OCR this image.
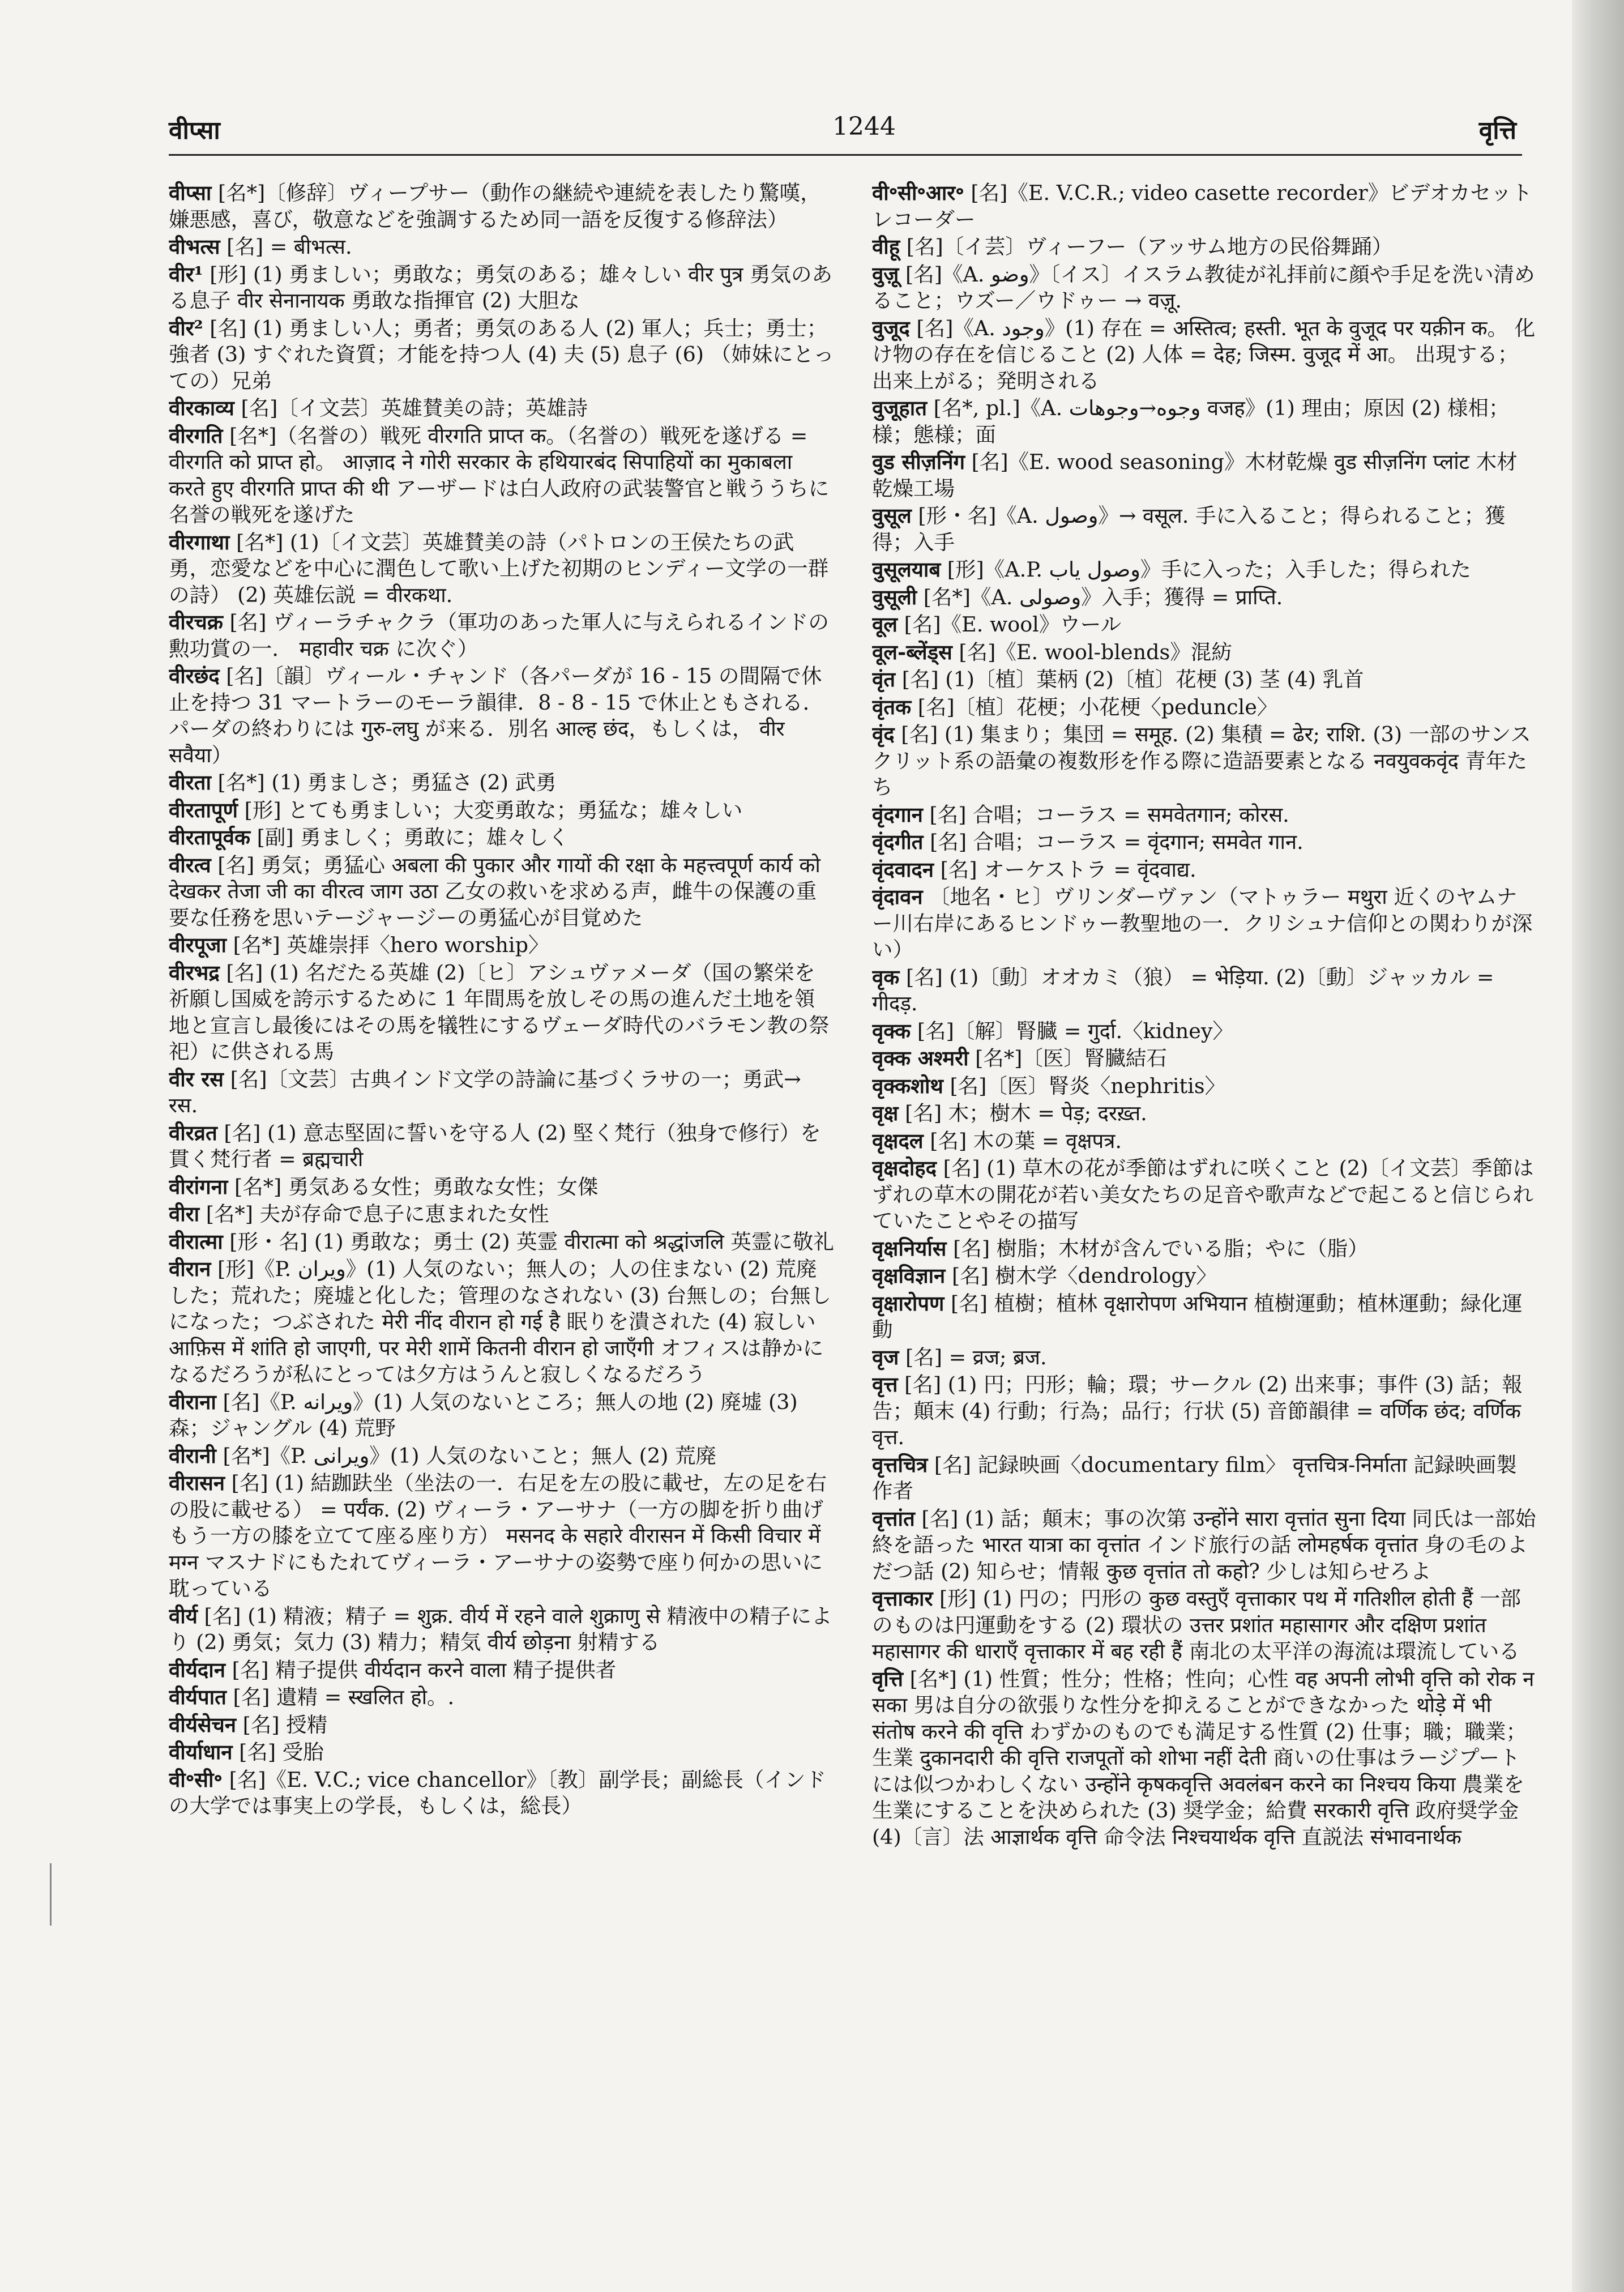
वीप्सा	1244	वृत्ति
वीप्सा [名*]〔修辞〕ヴィープサー（動作の継続や連続を表したり驚嘆，嫌悪感，喜び，敬意などを強調するため同一語を反復する修辞法）
वीभत्स [名] = बीभत्स.
वीर¹ [形] (1) 勇ましい；勇敢な；勇気のある；雄々しい वीर पुत्र 勇気のある息子 वीर सेनानायक 勇敢な指揮官 (2) 大胆な
वीर² [名] (1) 勇ましい人；勇者；勇気のある人 (2) 軍人；兵士；勇士；強者 (3) すぐれた資質；才能を持つ人 (4) 夫 (5) 息子 (6) （姉妹にとっての）兄弟
वीरकाव्य [名]〔イ文芸〕英雄賛美の詩；英雄詩
वीरगति [名*]（名誉の）戦死 वीरगति प्राप्त क。（名誉の）戦死を遂げる = वीरगति को प्राप्त हो。 आज़ाद ने गोरी सरकार के हथियारबंद सिपाहियों का मुकाबला करते हुए वीरगति प्राप्त की थी アーザードは白人政府の武装警官と戦ううちに名誉の戦死を遂げた
वीरगाथा [名*] (1)〔イ文芸〕英雄賛美の詩（パトロンの王侯たちの武勇，恋愛などを中心に潤色して歌い上げた初期のヒンディー文学の一群の詩） (2) 英雄伝説 = वीरकथा.
वीरचक्र [名] ヴィーラチャクラ（軍功のあった軍人に与えられるインドの勲功賞の一． महावीर चक्र に次ぐ）
वीरछंद [名]〔韻〕ヴィール・チャンド（各パーダが 16 - 15 の間隔で休止を持つ 31 マートラーのモーラ韻律．8 - 8 - 15 で休止ともされる．パーダの終わりには गुरु-लघु が来る．別名 आल्ह छंद，もしくは， वीर सवैया）
वीरता [名*] (1) 勇ましさ；勇猛さ (2) 武勇
वीरतापूर्ण [形] とても勇ましい；大変勇敢な；勇猛な；雄々しい
वीरतापूर्वक [副] 勇ましく；勇敢に；雄々しく
वीरत्व [名] 勇気；勇猛心 अबला की पुकार और गायों की रक्षा के महत्त्वपूर्ण कार्य को देखकर तेजा जी का वीरत्व जाग उठा 乙女の救いを求める声，雌牛の保護の重要な任務を思いテージャージーの勇猛心が目覚めた
वीरपूजा [名*] 英雄崇拝〈hero worship〉
वीरभद्र [名] (1) 名だたる英雄 (2)〔ヒ〕アシュヴァメーダ（国の繁栄を祈願し国威を誇示するために 1 年間馬を放しその馬の進んだ土地を領地と宣言し最後にはその馬を犠牲にするヴェーダ時代のバラモン教の祭祀）に供される馬
वीर रस [名]〔文芸〕古典インド文学の詩論に基づくラサの一；勇武→ रस.
वीरव्रत [名] (1) 意志堅固に誓いを守る人 (2) 堅く梵行（独身で修行）を貫く梵行者 = ब्रह्मचारी
वीरांगना [名*] 勇気ある女性；勇敢な女性；女傑
वीरा [名*] 夫が存命で息子に恵まれた女性
वीरात्मा [形・名] (1) 勇敢な；勇士 (2) 英霊 वीरात्मा को श्रद्धांजलि 英霊に敬礼
वीरान [形]《P. ويران》(1) 人気のない；無人の；人の住まない (2) 荒廃した；荒れた；廃墟と化した；管理のなされない (3) 台無しの；台無しになった；つぶされた मेरी नींद वीरान हो गई है 眠りを潰された (4) 寂しい आफ़िस में शांति हो जाएगी, पर मेरी शामें कितनी वीरान हो जाएँगी オフィスは静かになるだろうが私にとっては夕方はうんと寂しくなるだろう
वीराना [名]《P. ويرانه》(1) 人気のないところ；無人の地 (2) 廃墟 (3) 森；ジャングル (4) 荒野
वीरानी [名*]《P. ويرانى》(1) 人気のないこと；無人 (2) 荒廃
वीरासन [名] (1) 結跏趺坐（坐法の一．右足を左の股に載せ，左の足を右の股に載せる） = पर्यंक. (2) ヴィーラ・アーサナ（一方の脚を折り曲げもう一方の膝を立てて座る座り方） मसनद के सहारे वीरासन में किसी विचार में मग्न マスナドにもたれてヴィーラ・アーサナの姿勢で座り何かの思いに耽っている
वीर्य [名] (1) 精液；精子 = शुक्र. वीर्य में रहने वाले शुक्राणु से 精液中の精子により (2) 勇気；気力 (3) 精力；精気 वीर्य छोड़ना 射精する
वीर्यदान [名] 精子提供 वीर्यदान करने वाला 精子提供者
वीर्यपात [名] 遺精 = स्खलित हो。.
वीर्यसेचन [名] 授精
वीर्याधान [名] 受胎
वी॰सी॰ [名]《E. V.C.; vice chancellor》〔教〕副学長；副総長（インドの大学では事実上の学長，もしくは，総長）
वी॰सी॰आर॰ [名]《E. V.C.R.; video casette recorder》ビデオカセットレコーダー
वीहू [名]〔イ芸〕ヴィーフー（アッサム地方の民俗舞踊）
वुज़ू [名]《A. وضو》〔イス〕イスラム教徒が礼拝前に顔や手足を洗い清めること；ウズー／ウドゥー → वज़ू.
वुजूद [名]《A. وجود》(1) 存在 = अस्तित्व; हस्ती. भूत के वुजूद पर यक़ीन क。 化け物の存在を信じること (2) 人体 = देह; जिस्म. वुजूद में आ。 出現する；出来上がる；発明される
वुजूहात [名*, pl.]《A. وجوه→وجوهات वजह》(1) 理由；原因 (2) 様相；様；態様；面
वुड सीज़निंग [名]《E. wood seasoning》木材乾燥 वुड सीज़निंग प्लांट 木材乾燥工場
वुसूल [形・名]《A. وصول》→ वसूल. 手に入ること；得られること；獲得；入手
वुसूलयाब [形]《A.P. وصول ياب》手に入った；入手した；得られた
वुसूली [名*]《A. وصولى》入手；獲得 = प्राप्ति.
वूल [名]《E. wool》ウール
वूल-ब्लेंड्स [名]《E. wool-blends》混紡
वृंत [名] (1)〔植〕葉柄 (2)〔植〕花梗 (3) 茎 (4) 乳首
वृंतक [名]〔植〕花梗；小花梗〈peduncle〉
वृंद [名] (1) 集まり；集団 = समूह. (2) 集積 = ढेर; राशि. (3) 一部のサンスクリット系の語彙の複数形を作る際に造語要素となる नवयुवकवृंद 青年たち
वृंदगान [名] 合唱；コーラス = समवेतगान; कोरस.
वृंदगीत [名] 合唱；コーラス = वृंदगान; समवेत गान.
वृंदवादन [名] オーケストラ = वृंदवाद्य.
वृंदावन 〔地名・ヒ〕ヴリンダーヴァン（マトゥラー मथुरा 近くのヤムナー川右岸にあるヒンドゥー教聖地の一．クリシュナ信仰との関わりが深い）
वृक [名] (1)〔動〕オオカミ（狼） = भेड़िया. (2)〔動〕ジャッカル = गीदड़.
वृक्क [名]〔解〕腎臓 = गुर्दा.〈kidney〉
वृक्क अश्मरी [名*]〔医〕腎臓結石
वृक्कशोथ [名]〔医〕腎炎〈nephritis〉
वृक्ष [名] 木；樹木 = पेड़; दरख़्त.
वृक्षदल [名] 木の葉 = वृक्षपत्र.
वृक्षदोहद [名] (1) 草木の花が季節はずれに咲くこと (2)〔イ文芸〕季節はずれの草木の開花が若い美女たちの足音や歌声などで起こると信じられていたことやその描写
वृक्षनिर्यास [名] 樹脂；木材が含んでいる脂；やに（脂）
वृक्षविज्ञान [名] 樹木学〈dendrology〉
वृक्षारोपण [名] 植樹；植林 वृक्षारोपण अभियान 植樹運動；植林運動；緑化運動
वृज [名] = व्रज; ब्रज.
वृत्त [名] (1) 円；円形；輪；環；サークル (2) 出来事；事件 (3) 話；報告；顛末 (4) 行動；行為；品行；行状 (5) 音節韻律 = वर्णिक छंद; वर्णिक वृत्त.
वृत्तचित्र [名] 記録映画〈documentary film〉 वृत्तचित्र-निर्माता 記録映画製作者
वृत्तांत [名] (1) 話；顛末；事の次第 उन्होंने सारा वृत्तांत सुना दिया 同氏は一部始終を語った भारत यात्रा का वृत्तांत インド旅行の話 लोमहर्षक वृत्तांत 身の毛のよだつ話 (2) 知らせ；情報 कुछ वृत्तांत तो कहो? 少しは知らせろよ
वृत्ताकार [形] (1) 円の；円形の कुछ वस्तुएँ वृत्ताकार पथ में गतिशील होती हैं 一部のものは円運動をする (2) 環状の उत्तर प्रशांत महासागर और दक्षिण प्रशांत महासागर की धाराएँ वृत्ताकार में बह रही हैं 南北の太平洋の海流は環流している
वृत्ति [名*] (1) 性質；性分；性格；性向；心性 वह अपनी लोभी वृत्ति को रोक न सका 男は自分の欲張りな性分を抑えることができなかった थोड़े में भी संतोष करने की वृत्ति わずかのものでも満足する性質 (2) 仕事；職；職業；生業 दुकानदारी की वृत्ति राजपूतों को शोभा नहीं देती 商いの仕事はラージプートには似つかわしくない उन्होंने कृषकवृत्ति अवलंबन करने का निश्चय किया 農業を生業にすることを決められた (3) 奨学金；給費 सरकारी वृत्ति 政府奨学金 (4)〔言〕法 आज्ञार्थक वृत्ति 命令法 निश्चयार्थक वृत्ति 直説法 संभावनार्थक
